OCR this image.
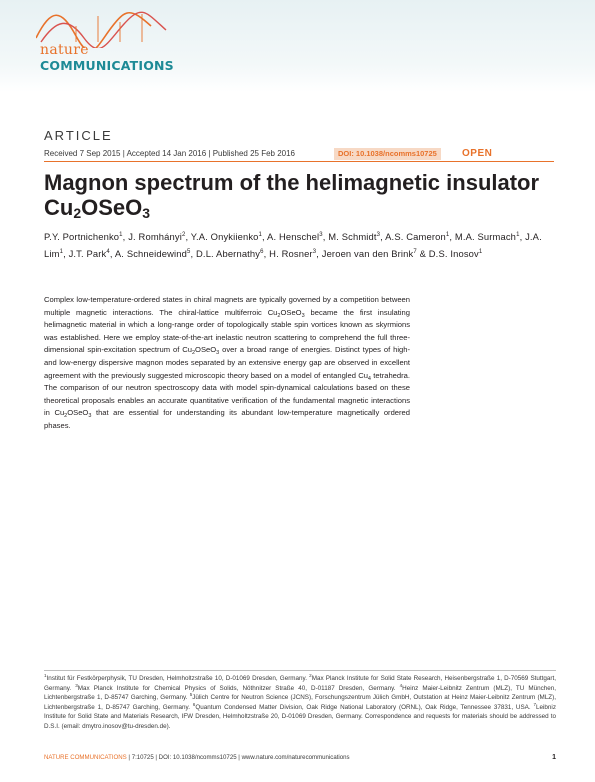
nature
COMMUNICATIONS
ARTICLE
Received 7 Sep 2015 | Accepted 14 Jan 2016 | Published 25 Feb 2016	DOI: 10.1038/ncomms10725	OPEN
Magnon spectrum of the helimagnetic insulator
$Cu_2OSeO_3$
P.Y. Portnichenko$^1$, J. Romhányi$^2$, Y.A. Onykiienko$^1$, A. Henschel$^3$, M. Schmidt$^3$, A.S. Cameron$^1$, M.A. Surmach$^1$, J.A. Lim$^1$, J.T. Park$^4$, A. Schneidewind$^5$, D.L. Abernathy$^6$, H. Rosner$^3$, Jeroen van den Brink$^7$ & D.S. Inosov$^1$

Complex low-temperature-ordered states in chiral magnets are typically governed by a competition between multiple magnetic interactions. The chiral-lattice multiferroic $Cu_2OSeO_3$ became the first insulating helimagnetic material in which a long-range order of topologically stable spin vortices known as skyrmions was established. Here we employ state-of-the-art inelastic neutron scattering to comprehend the full three-dimensional spin-excitation spectrum of $Cu_2OSeO_3$ over a broad range of energies. Distinct types of high- and low-energy dispersive magnon modes separated by an extensive energy gap are observed in excellent agreement with the previously suggested microscopic theory based on a model of entangled $Cu_4$ tetrahedra. The comparison of our neutron spectroscopy data with model spin-dynamical calculations based on these theoretical proposals enables an accurate quantitative verification of the fundamental magnetic interactions in $Cu_2OSeO_3$ that are essential for understanding its abundant low-temperature magnetically ordered phases.

$^1$Institut für Festkörperphysik, TU Dresden, Helmholtzstraße 10, D-01069 Dresden, Germany. $^2$Max Planck Institute for Solid State Research, Heisenbergstraße 1, D-70569 Stuttgart, Germany. $^3$Max Planck Institute for Chemical Physics of Solids, Nöthnitzer Straße 40, D-01187 Dresden, Germany. $^4$Heinz Maier-Leibnitz Zentrum (MLZ), TU München, Lichtenbergstraße 1, D-85747 Garching, Germany. $^5$Jülich Centre for Neutron Science (JCNS), Forschungszentrum Jülich GmbH, Outstation at Heinz Maier-Leibnitz Zentrum (MLZ), Lichtenbergstraße 1, D-85747 Garching, Germany. $^6$Quantum Condensed Matter Division, Oak Ridge National Laboratory (ORNL), Oak Ridge, Tennessee 37831, USA. $^7$Leibniz Institute for Solid State and Materials Research, IFW Dresden, Helmholtzstraße 20, D-01069 Dresden, Germany. Correspondence and requests for materials should be addressed to D.S.I. (email: dmytro.inosov@tu-dresden.de).
NATURE COMMUNICATIONS | 7:10725 | DOI: 10.1038/ncomms10725 | www.nature.com/naturecommunications	1
